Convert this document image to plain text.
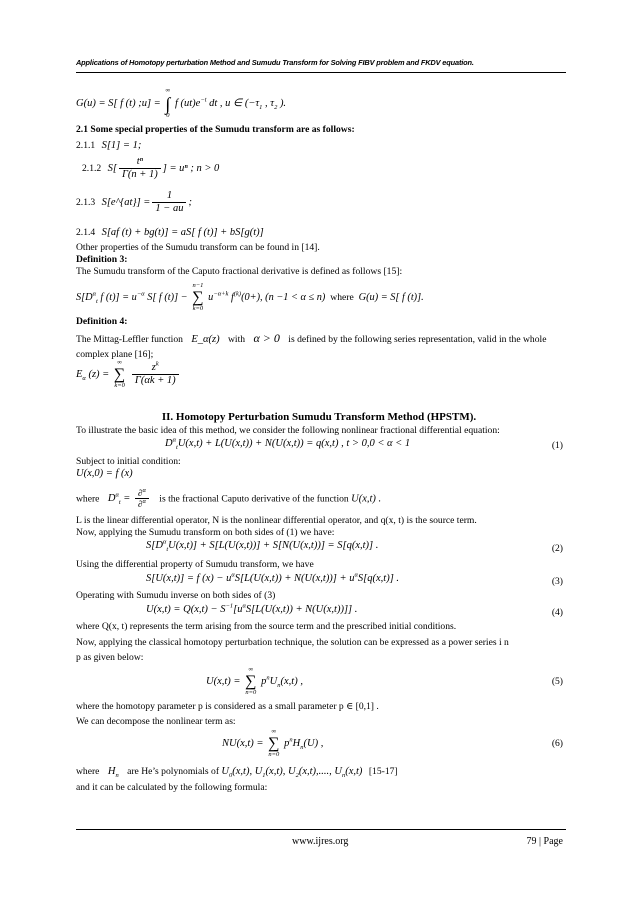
Applications of Homotopy perturbation Method and Sumudu Transform for Solving FIBV problem and FKDV equation.
G(u) = S[ f (t) ;u] =
∞
∫
0
f $(ut)e^{-t}$ dt , u ∈ ($-\tau_1$ , $\tau_2$ ).
2.1 Some special properties of the Sumudu transform are as follows:
2.1.1 S[1] = 1;
2.1.2 $S[ \frac{\text{tⁿ}}{\Gamma(n + 1)}$ ] = uⁿ ; n > 0
2.1.3 S[e^{at}] = $\frac{1}{1 - au}$ ;
2.1.4 S[af (t) + bg(t)] = aS[ f (t)] + bS[g(t)]
Other properties of the Sumudu transform can be found in [14].
Definition 3:
The Sumudu transform of the Caputo fractional derivative is defined as follows [15]:
$S[D^\alpha_t$ f $(t)] = u^{-\alpha}$ S[ f (t)] −
n−1
∑
k=0
$u^{-\alpha+k}$ $f^{(k)}(0+)$, (n −1 < α ≤ n)  where  G(u) = S[ f (t)].
Definition 4:
The Mittag-Leffler function E_α(z) with α > 0 is defined by the following series representation, valid in the whole complex plane [16];
$E_\alpha$ (z) =
∞
∑
k=0
$\frac{z^k}{\Gamma(\alpha k + 1)}$
II. Homotopy Perturbation Sumudu Transform Method (HPSTM).
To illustrate the basic idea of this method, we consider the following nonlinear fractional differential equation:
$D^\alpha_tU(x,t) + L(U(x,t)) + N(U(x,t)) = q(x,t)$ , t > 0,0 < α < 1	(1)
Subject to initial condition:
U(x,0) = f (x)
where $D^\alpha_t = \frac{\partial^\alpha}{\partial^\alpha}$ is the fractional Caputo derivative of the function U(x,t) .
L is the linear differential operator, N is the nonlinear differential operator, and q(x, t) is the source term.
Now, applying the Sumudu transform on both sides of (1) we have:
$S[D^\alpha_tU(x,t)] + S[L(U(x,t))] + S[N(U(x,t))] = S[q(x,t)]$ .	(2)
Using the differential property of Sumudu transform, we have
S[U(x,t)] = f $(x) - u^\alpha S[L(U(x,t)) + N(U(x,t))] + u^\alpha S[q(x,t)]$ .	(3)
Operating with Sumudu inverse on both sides of (3)
$U(x,t) = Q(x,t) - S^{-1}[u^\alpha S[L(U(x,t)) + N(U(x,t))]]$ .	(4)
where Q(x, t) represents the term arising from the source term and the prescribed initial conditions.
Now, applying the classical homotopy perturbation technique, the solution can be expressed as a power series i n
p as given below:
U(x,t) =
∞
∑
n=0
$p^nU_n(x,t)$ ,	(5)
where the homotopy parameter p is considered as a small parameter p ∈ [0,1] .
We can decompose the nonlinear term as:
NU(x,t) =
∞
∑
n=0
$p^nH_n(U)$ ,	(6)
where $H_n$ are He’s polynomials of $U_0(x,t)$, $U_1(x,t)$, $U_2(x,t)$,...., $U_n(x,t)$ [15-17]
and it can be calculated by the following formula:
www.ijres.org	79 | Page
